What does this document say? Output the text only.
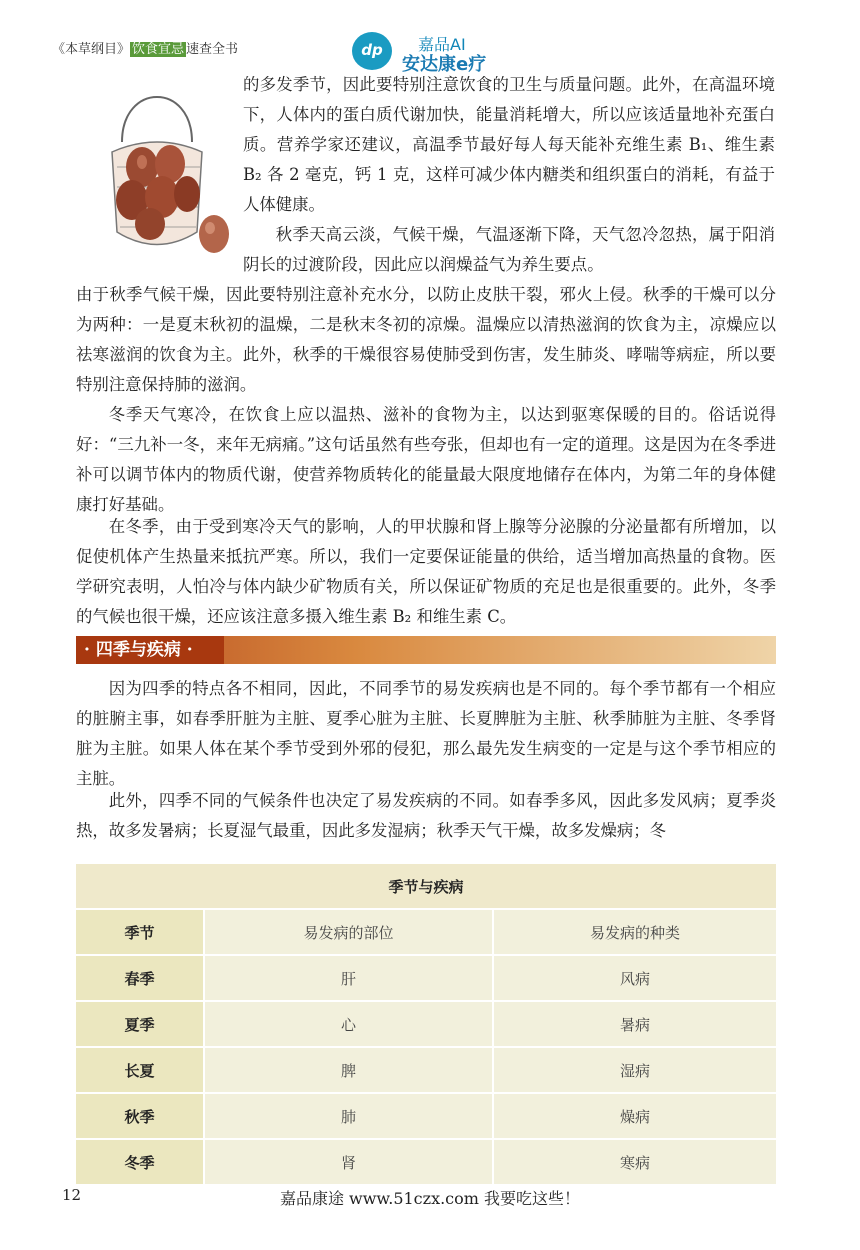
《本草纲目》 饮食宜忌 速查全书	dp	嘉品AI
安达康e疗

的多发季节，因此要特别注意饮食的卫生与质量问题。此外，在高温环境下，人体内的蛋白质代谢加快，能量消耗增大，所以应该适量地补充蛋白质。营养学家还建议，高温季节最好每人每天能补充维生素 B₁、维生素 B₂ 各 2 毫克，钙 1 克，这样可减少体内糖类和组织蛋白的消耗，有益于人体健康。

秋季天高云淡，气候干燥，气温逐渐下降，天气忽冷忽热，属于阳消阴长的过渡阶段，因此应以润燥益气为养生要点。

由于秋季气候干燥，因此要特别注意补充水分，以防止皮肤干裂，邪火上侵。秋季的干燥可以分为两种：一是夏末秋初的温燥，二是秋末冬初的凉燥。温燥应以清热滋润的饮食为主，凉燥应以祛寒滋润的饮食为主。此外，秋季的干燥很容易使肺受到伤害，发生肺炎、哮喘等病症，所以要特别注意保持肺的滋润。

冬季天气寒冷，在饮食上应以温热、滋补的食物为主，以达到驱寒保暖的目的。俗话说得好：“三九补一冬，来年无病痛。”这句话虽然有些夸张，但却也有一定的道理。这是因为在冬季进补可以调节体内的物质代谢，使营养物质转化的能量最大限度地储存在体内，为第二年的身体健康打好基础。

在冬季，由于受到寒冷天气的影响，人的甲状腺和肾上腺等分泌腺的分泌量都有所增加，以促使机体产生热量来抵抗严寒。所以，我们一定要保证能量的供给，适当增加高热量的食物。医学研究表明，人怕冷与体内缺少矿物质有关，所以保证矿物质的充足也是很重要的。此外，冬季的气候也很干燥，还应该注意多摄入维生素 B₂ 和维生素 C。

· 四季与疾病 ·

因为四季的特点各不相同，因此，不同季节的易发疾病也是不同的。每个季节都有一个相应的脏腑主事，如春季肝脏为主脏、夏季心脏为主脏、长夏脾脏为主脏、秋季肺脏为主脏、冬季肾脏为主脏。如果人体在某个季节受到外邪的侵犯，那么最先发生病变的一定是与这个季节相应的主脏。

此外，四季不同的气候条件也决定了易发疾病的不同。如春季多风，因此多发风病；夏季炎热，故多发暑病；长夏湿气最重，因此多发湿病；秋季天气干燥，故多发燥病；冬

季节与疾病		
季节	易发病的部位	易发病的种类
春季	肝	风病
夏季	心	暑病
长夏	脾	湿病
秋季	肺	燥病
冬季	肾	寒病
嘉品康途 www.51czx.com 我要吃这些！
12
